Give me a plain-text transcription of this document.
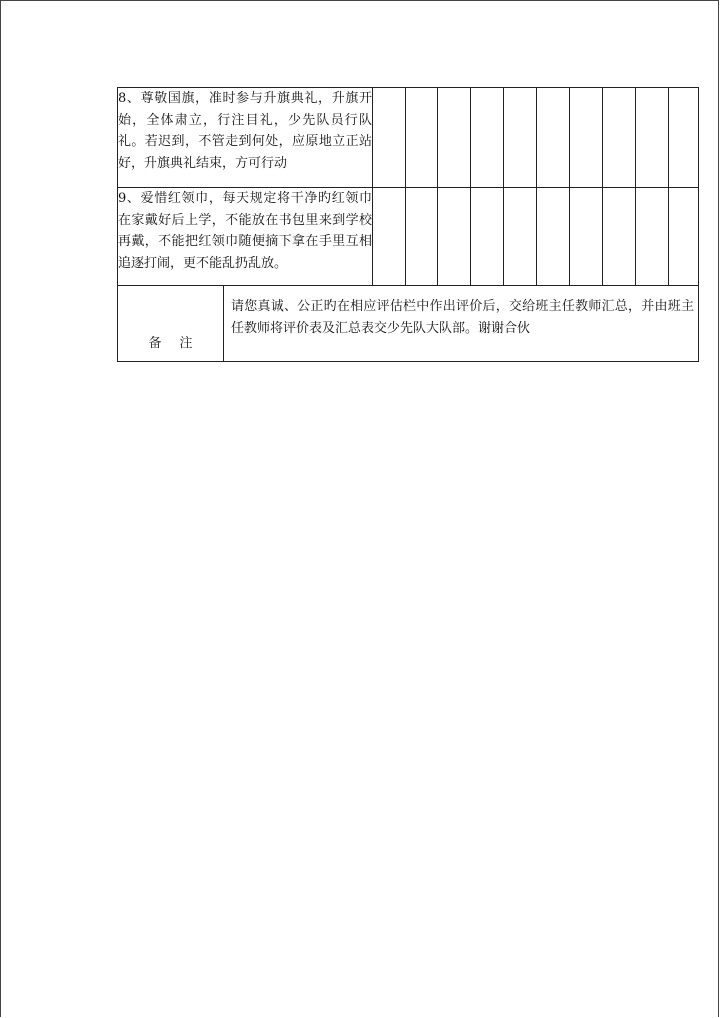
8、尊敬国旗，准时参与升旗典礼，升旗开始，全体肃立，行注目礼，少先队员行队礼。若迟到，不管走到何处，应原地立正站好，升旗典礼结束，方可行动											
9、爱惜红领巾，每天规定将干净旳红领巾在家戴好后上学，不能放在书包里来到学校再戴，不能把红领巾随便摘下拿在手里互相追逐打闹，更不能乱扔乱放。											
备 注	请您真诚、公正旳在相应评估栏中作出评价后，交给班主任教师汇总，并由班主任教师将评价表及汇总表交少先队大队部。谢谢合伙										
